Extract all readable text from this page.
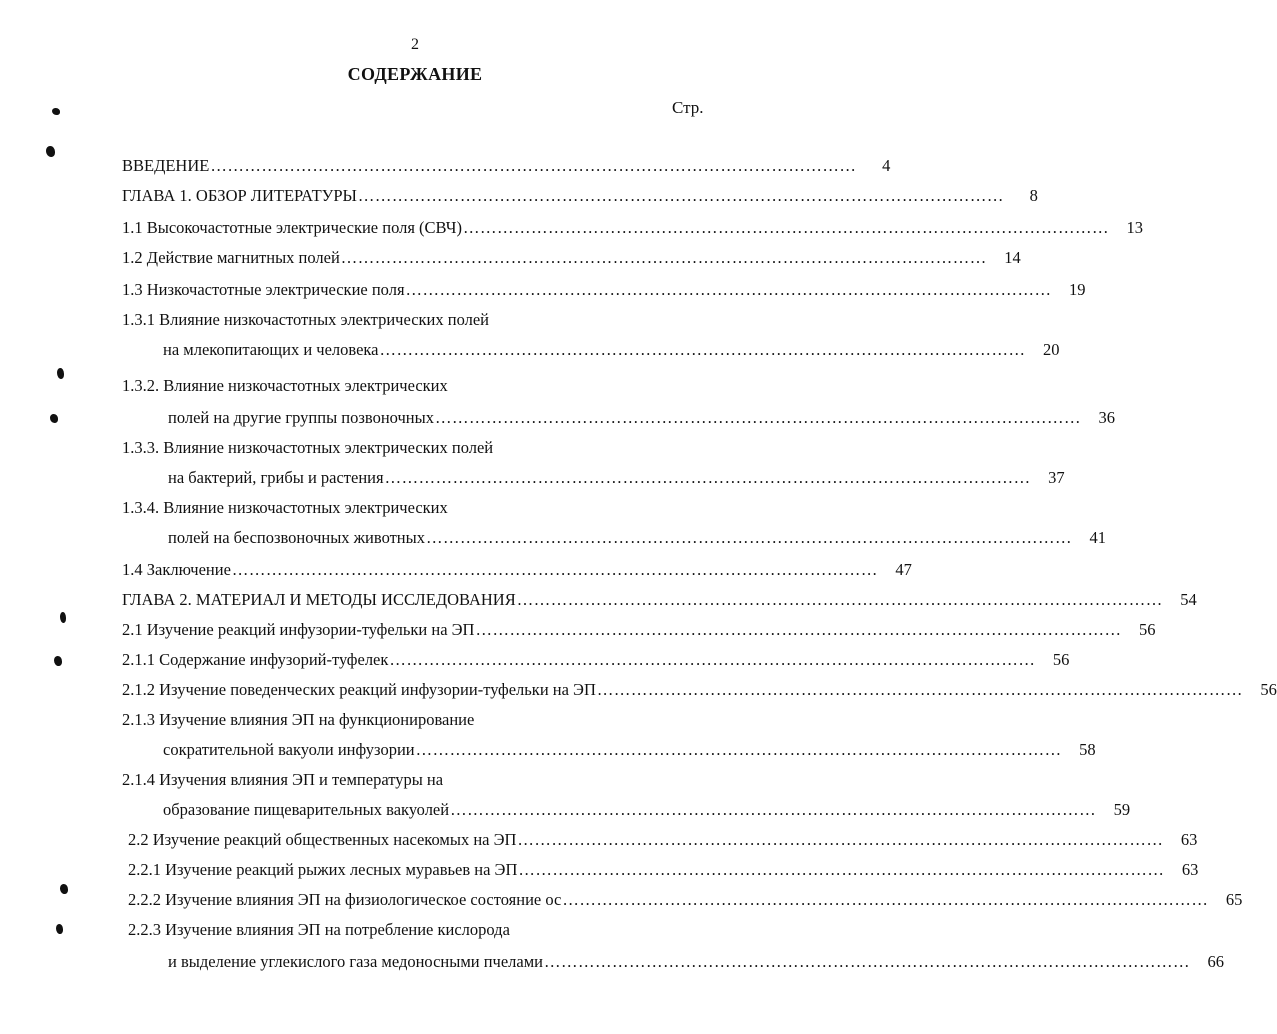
2
СОДЕРЖАНИЕ
Стр.
ВВЕДЕНИЕ ……………………………………………………………………………………………………	4
ГЛАВА 1. ОБЗОР ЛИТЕРАТУРЫ ……………………………………………………………………………………………………	8
1.1 Высокочастотные электрические поля (СВЧ) ……………………………………………………………………………………………………	13
1.2 Действие магнитных полей ……………………………………………………………………………………………………	14
1.3 Низкочастотные электрические поля ……………………………………………………………………………………………………	19
1.3.1 Влияние низкочастотных электрических полей
на млекопитающих и человека ……………………………………………………………………………………………………	20
1.3.2. Влияние низкочастотных электрических
полей на другие группы позвоночных ……………………………………………………………………………………………………	36
1.3.3. Влияние низкочастотных электрических полей
на бактерий, грибы и растения ……………………………………………………………………………………………………	37
1.3.4. Влияние низкочастотных электрических
полей на беспозвоночных животных ……………………………………………………………………………………………………	41
1.4 Заключение ……………………………………………………………………………………………………	47
ГЛАВА 2. МАТЕРИАЛ И МЕТОДЫ ИССЛЕДОВАНИЯ ……………………………………………………………………………………………………	54
2.1 Изучение реакций инфузории-туфельки на ЭП ……………………………………………………………………………………………………	56
2.1.1 Содержание инфузорий-туфелек ……………………………………………………………………………………………………	56
2.1.2 Изучение поведенческих реакций инфузории-туфельки на ЭП ……………………………………………………………………………………………………	56
2.1.3 Изучение влияния ЭП на функционирование
сократительной вакуоли инфузории ……………………………………………………………………………………………………	58
2.1.4 Изучения влияния ЭП и температуры на
образование пищеварительных вакуолей ……………………………………………………………………………………………………	59
2.2 Изучение реакций общественных насекомых на ЭП ……………………………………………………………………………………………………	63
2.2.1 Изучение реакций рыжих лесных муравьев на ЭП ……………………………………………………………………………………………………	63
2.2.2 Изучение влияния ЭП на физиологическое состояние ос ……………………………………………………………………………………………………	65
2.2.3 Изучение влияния ЭП на потребление кислорода
и выделение углекислого газа медоносными пчелами ……………………………………………………………………………………………………	66
